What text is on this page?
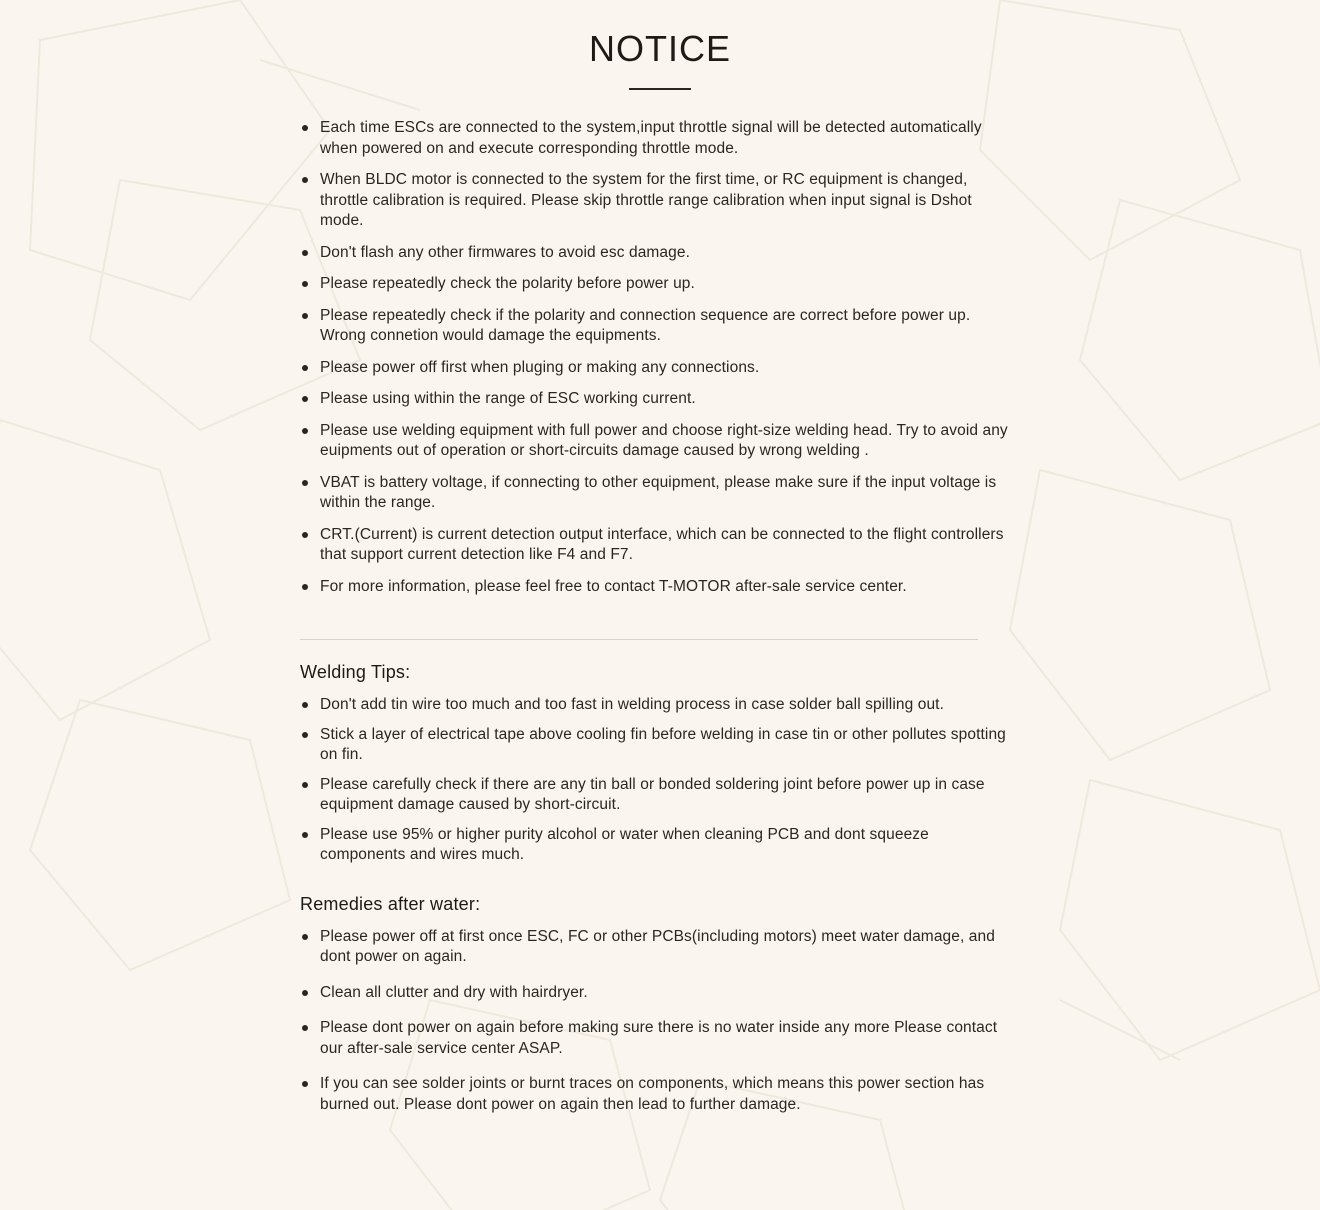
NOTICE
Each time ESCs are connected to the system,input throttle signal will be detected automatically when powered on and execute corresponding throttle mode.
When BLDC motor is connected to the system for the first time, or RC equipment is changed, throttle calibration is required. Please skip throttle range calibration when input signal is Dshot mode.
Don't flash any other firmwares to avoid esc damage.
Please repeatedly check the polarity before power up.
Please repeatedly check if the polarity and connection sequence are correct before power up. Wrong connetion would damage the equipments.
Please power off first when pluging or making any connections.
Please using within the range of ESC working current.
Please use welding equipment with full power and choose right-size welding head. Try to avoid any euipments out of operation or short-circuits damage caused by wrong welding .
VBAT is battery voltage, if connecting to other equipment, please make sure if the input voltage is within the range.
CRT.(Current) is current detection output interface, which can be connected to the flight controllers that support current detection like F4 and F7.
For more information, please feel free to contact T-MOTOR after-sale service center.
Welding Tips:
Don't add tin wire too much and too fast in welding process in case solder ball spilling out.
Stick a layer of electrical tape above cooling fin before welding in case tin or other pollutes spotting on fin.
Please carefully check if there are any tin ball or bonded soldering joint before power up in case equipment damage caused by short-circuit.
Please use 95% or higher purity alcohol or water when cleaning PCB and dont squeeze components and wires much.
Remedies after water:
Please power off at first once ESC, FC or other PCBs(including motors) meet water damage, and dont power on again.
Clean all clutter and dry with hairdryer.
Please dont power on again before making sure there is no water inside any more Please contact our after-sale service center ASAP.
If you can see solder joints or burnt traces on components, which means this power section has burned out. Please dont power on again then lead to further damage.
